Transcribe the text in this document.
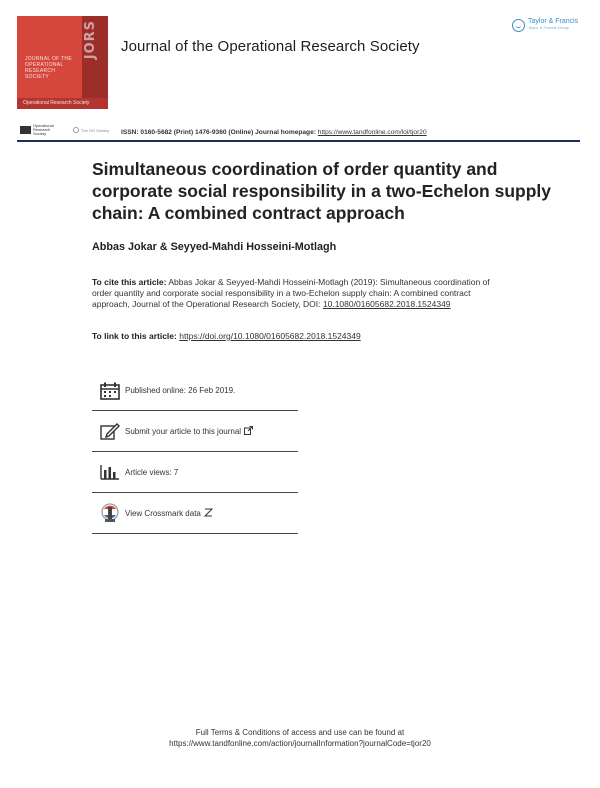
JORS
JOURNAL OF THE OPERATIONAL RESEARCH SOCIETY
Operational Research Society
Journal of the Operational Research Society
Taylor & Francis
Taylor & Francis Group
Operational Research Society
The OR Society ISSN: 0160-5682 (Print) 1476-9360 (Online) Journal homepage: https://www.tandfonline.com/loi/tjor20
Simultaneous coordination of order quantity and corporate social responsibility in a two-Echelon supply chain: A combined contract approach
Abbas Jokar & Seyyed-Mahdi Hosseini-Motlagh
To cite this article: Abbas Jokar & Seyyed-Mahdi Hosseini-Motlagh (2019): Simultaneous coordination of order quantity and corporate social responsibility in a two-Echelon supply chain: A combined contract approach, Journal of the Operational Research Society, DOI: 10.1080/01605682.2018.1524349
To link to this article: https://doi.org/10.1080/01605682.2018.1524349
Published online: 26 Feb 2019.
Submit your article to this journal
Article views: 7
View Crossmark data
Full Terms & Conditions of access and use can be found at
https://www.tandfonline.com/action/journalInformation?journalCode=tjor20
